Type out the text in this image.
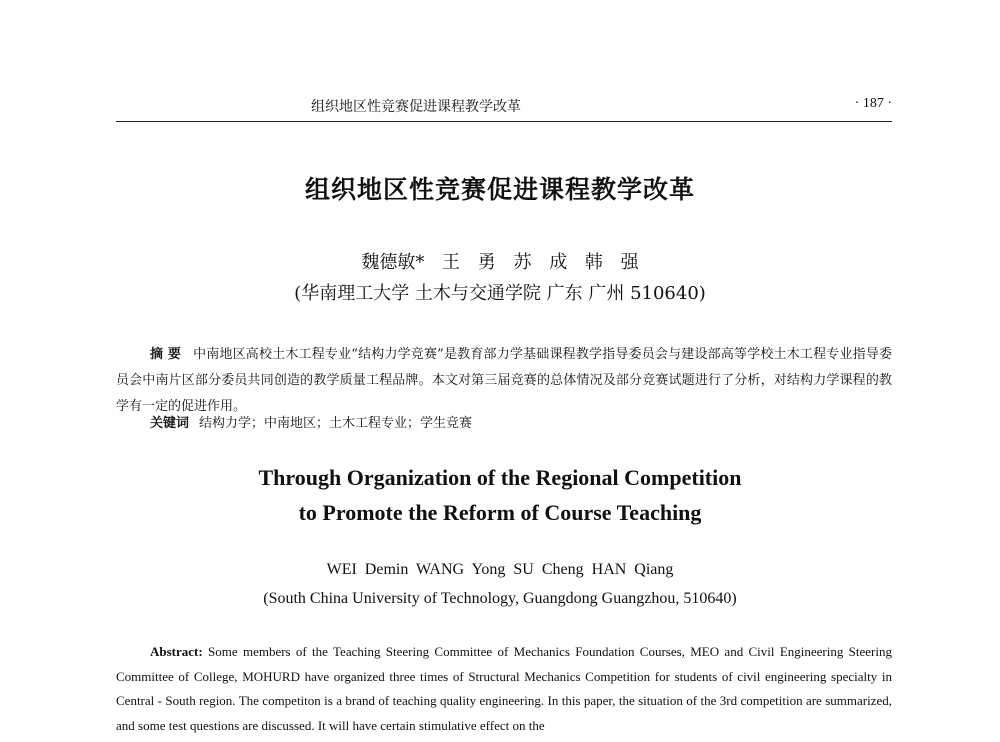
组织地区性竞赛促进课程教学改革	· 187 ·
组织地区性竞赛促进课程教学改革
魏德敏* 王 勇 苏 成 韩 强
(华南理工大学 土木与交通学院 广东 广州 510640)
摘 要 中南地区高校土木工程专业“结构力学竞赛”是教育部力学基础课程教学指导委员会与建设部高等学校土木工程专业指导委员会中南片区部分委员共同创造的教学质量工程品牌。本文对第三届竞赛的总体情况及部分竞赛试题进行了分析，对结构力学课程的教学有一定的促进作用。
关键词 结构力学；中南地区；土木工程专业；学生竞赛
Through Organization of the Regional Competition
to Promote the Reform of Course Teaching
WEI Demin WANG Yong SU Cheng HAN Qiang
(South China University of Technology, Guangdong Guangzhou, 510640)
Abstract: Some members of the Teaching Steering Committee of Mechanics Foundation Courses, MEO and Civil Engineering Steering Committee of College, MOHURD have organized three times of Structural Mechanics Competition for students of civil engineering specialty in Central - South region. The competiton is a brand of teaching quality engineering. In this paper, the situation of the 3rd competition are summarized, and some test questions are discussed. It will have certain stimulative effect on the
